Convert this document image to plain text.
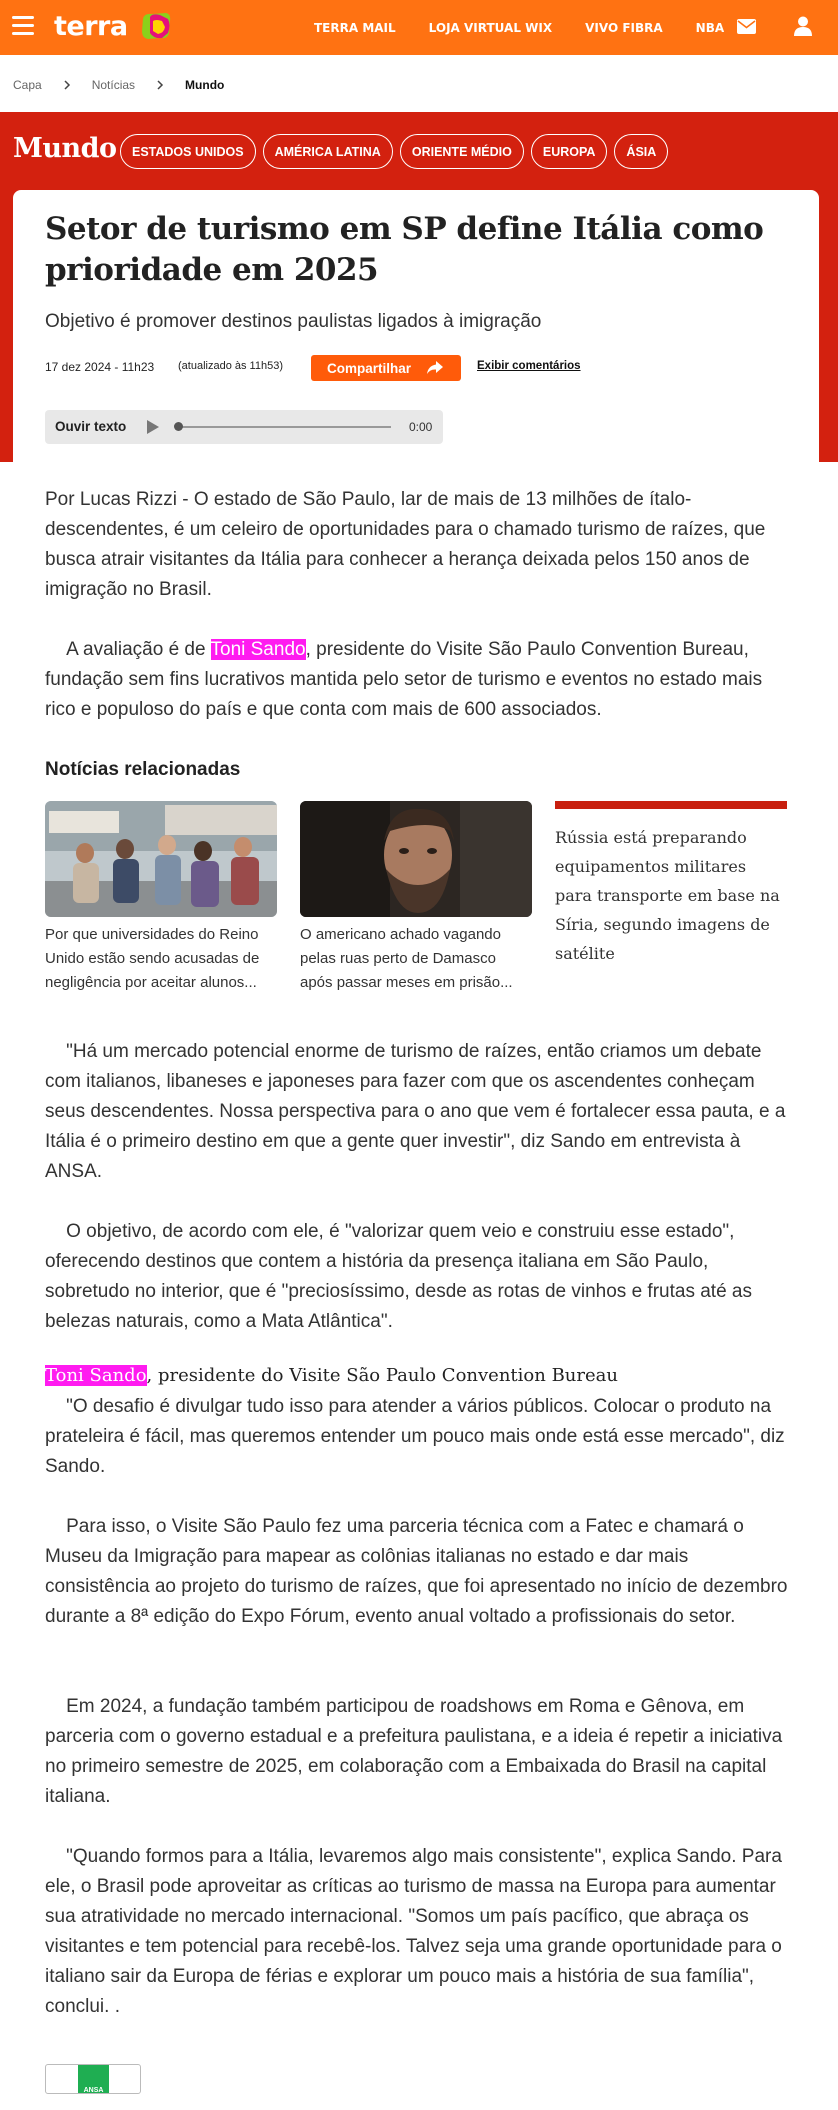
terra	TERRA MAIL	LOJA VIRTUAL WIX	VIVO FIBRA	NBA
Capa	Notícias	Mundo
Mundo	ESTADOS UNIDOS	AMÉRICA LATINA	ORIENTE MÉDIO	EUROPA	ÁSIA
Setor de turismo em SP define Itália como prioridade em 2025
Objetivo é promover destinos paulistas ligados à imigração
17 dez 2024 - 11h23 (atualizado às 11h53)	Compartilhar	Exibir comentários
Ouvir texto	0:00

Por Lucas Rizzi - O estado de São Paulo, lar de mais de 13 milhões de ítalo-descendentes, é um celeiro de oportunidades para o chamado turismo de raízes, que busca atrair visitantes da Itália para conhecer a herança deixada pelos 150 anos de imigração no Brasil.

A avaliação é de Toni Sando, presidente do Visite São Paulo Convention Bureau, fundação sem fins lucrativos mantida pelo setor de turismo e eventos no estado mais rico e populoso do país e que conta com mais de 600 associados.

Notícias relacionadas
Por que universidades do Reino Unido estão sendo acusadas de negligência por aceitar alunos...
O americano achado vagando pelas ruas perto de Damasco após passar meses em prisão...
Rússia está preparando equipamentos militares para transporte em base na Síria, segundo imagens de satélite

"Há um mercado potencial enorme de turismo de raízes, então criamos um debate com italianos, libaneses e japoneses para fazer com que os ascendentes conheçam seus descendentes. Nossa perspectiva para o ano que vem é fortalecer essa pauta, e a Itália é o primeiro destino em que a gente quer investir", diz Sando em entrevista à ANSA.

O objetivo, de acordo com ele, é "valorizar quem veio e construiu esse estado", oferecendo destinos que contem a história da presença italiana em São Paulo, sobretudo no interior, que é "preciosíssimo, desde as rotas de vinhos e frutas até as belezas naturais, como a Mata Atlântica".

Toni Sando, presidente do Visite São Paulo Convention Bureau

"O desafio é divulgar tudo isso para atender a vários públicos. Colocar o produto na prateleira é fácil, mas queremos entender um pouco mais onde está esse mercado", diz Sando.

Para isso, o Visite São Paulo fez uma parceria técnica com a Fatec e chamará o Museu da Imigração para mapear as colônias italianas no estado e dar mais consistência ao projeto do turismo de raízes, que foi apresentado no início de dezembro durante a 8ª edição do Expo Fórum, evento anual voltado a profissionais do setor.

Em 2024, a fundação também participou de roadshows em Roma e Gênova, em parceria com o governo estadual e a prefeitura paulistana, e a ideia é repetir a iniciativa no primeiro semestre de 2025, em colaboração com a Embaixada do Brasil na capital italiana.

"Quando formos para a Itália, levaremos algo mais consistente", explica Sando. Para ele, o Brasil pode aproveitar as críticas ao turismo de massa na Europa para aumentar sua atratividade no mercado internacional. "Somos um país pacífico, que abraça os visitantes e tem potencial para recebê-los. Talvez seja uma grande oportunidade para o italiano sair da Europa de férias e explorar um pouco mais a história de sua família", conclui. .

ANSA
